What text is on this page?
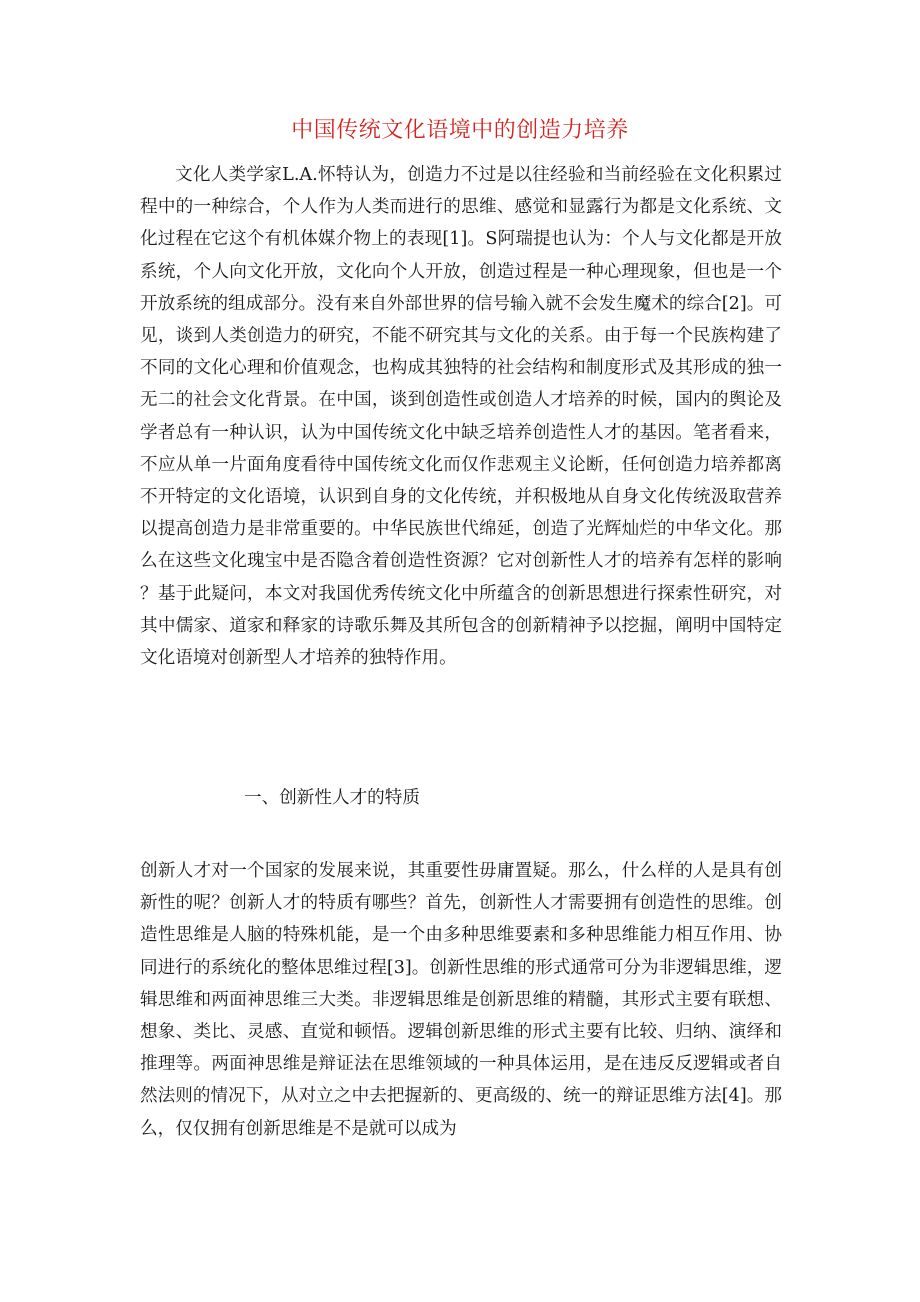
中国传统文化语境中的创造力培养

文化人类学家L.A.怀特认为，创造力不过是以往经验和当前经验在文化积累过程中的一种综合，个人作为人类而进行的思维、感觉和显露行为都是文化系统、文化过程在它这个有机体媒介物上的表现[1]。S阿瑞提也认为：个人与文化都是开放系统，个人向文化开放，文化向个人开放，创造过程是一种心理现象，但也是一个开放系统的组成部分。没有来自外部世界的信号输入就不会发生魔术的综合[2]。可见，谈到人类创造力的研究，不能不研究其与文化的关系。由于每一个民族构建了不同的文化心理和价值观念，也构成其独特的社会结构和制度形式及其形成的独一无二的社会文化背景。在中国，谈到创造性或创造人才培养的时候，国内的舆论及学者总有一种认识，认为中国传统文化中缺乏培养创造性人才的基因。笔者看来，不应从单一片面角度看待中国传统文化而仅作悲观主义论断，任何创造力培养都离不开特定的文化语境，认识到自身的文化传统，并积极地从自身文化传统汲取营养以提高创造力是非常重要的。中华民族世代绵延，创造了光辉灿烂的中华文化。那么在这些文化瑰宝中是否隐含着创造性资源？它对创新性人才的培养有怎样的影响？基于此疑问，本文对我国优秀传统文化中所蕴含的创新思想进行探索性研究，对其中儒家、道家和释家的诗歌乐舞及其所包含的创新精神予以挖掘，阐明中国特定文化语境对创新型人才培养的独特作用。

一、创新性人才的特质

创新人才对一个国家的发展来说，其重要性毋庸置疑。那么，什么样的人是具有创新性的呢？创新人才的特质有哪些？首先，创新性人才需要拥有创造性的思维。创造性思维是人脑的特殊机能，是一个由多种思维要素和多种思维能力相互作用、协同进行的系统化的整体思维过程[3]。创新性思维的形式通常可分为非逻辑思维，逻辑思维和两面神思维三大类。非逻辑思维是创新思维的精髓，其形式主要有联想、想象、类比、灵感、直觉和顿悟。逻辑创新思维的形式主要有比较、归纳、演绎和推理等。两面神思维是辩证法在思维领域的一种具体运用，是在违反反逻辑或者自然法则的情况下，从对立之中去把握新的、更高级的、统一的辩证思维方法[4]。那么，仅仅拥有创新思维是不是就可以成为
